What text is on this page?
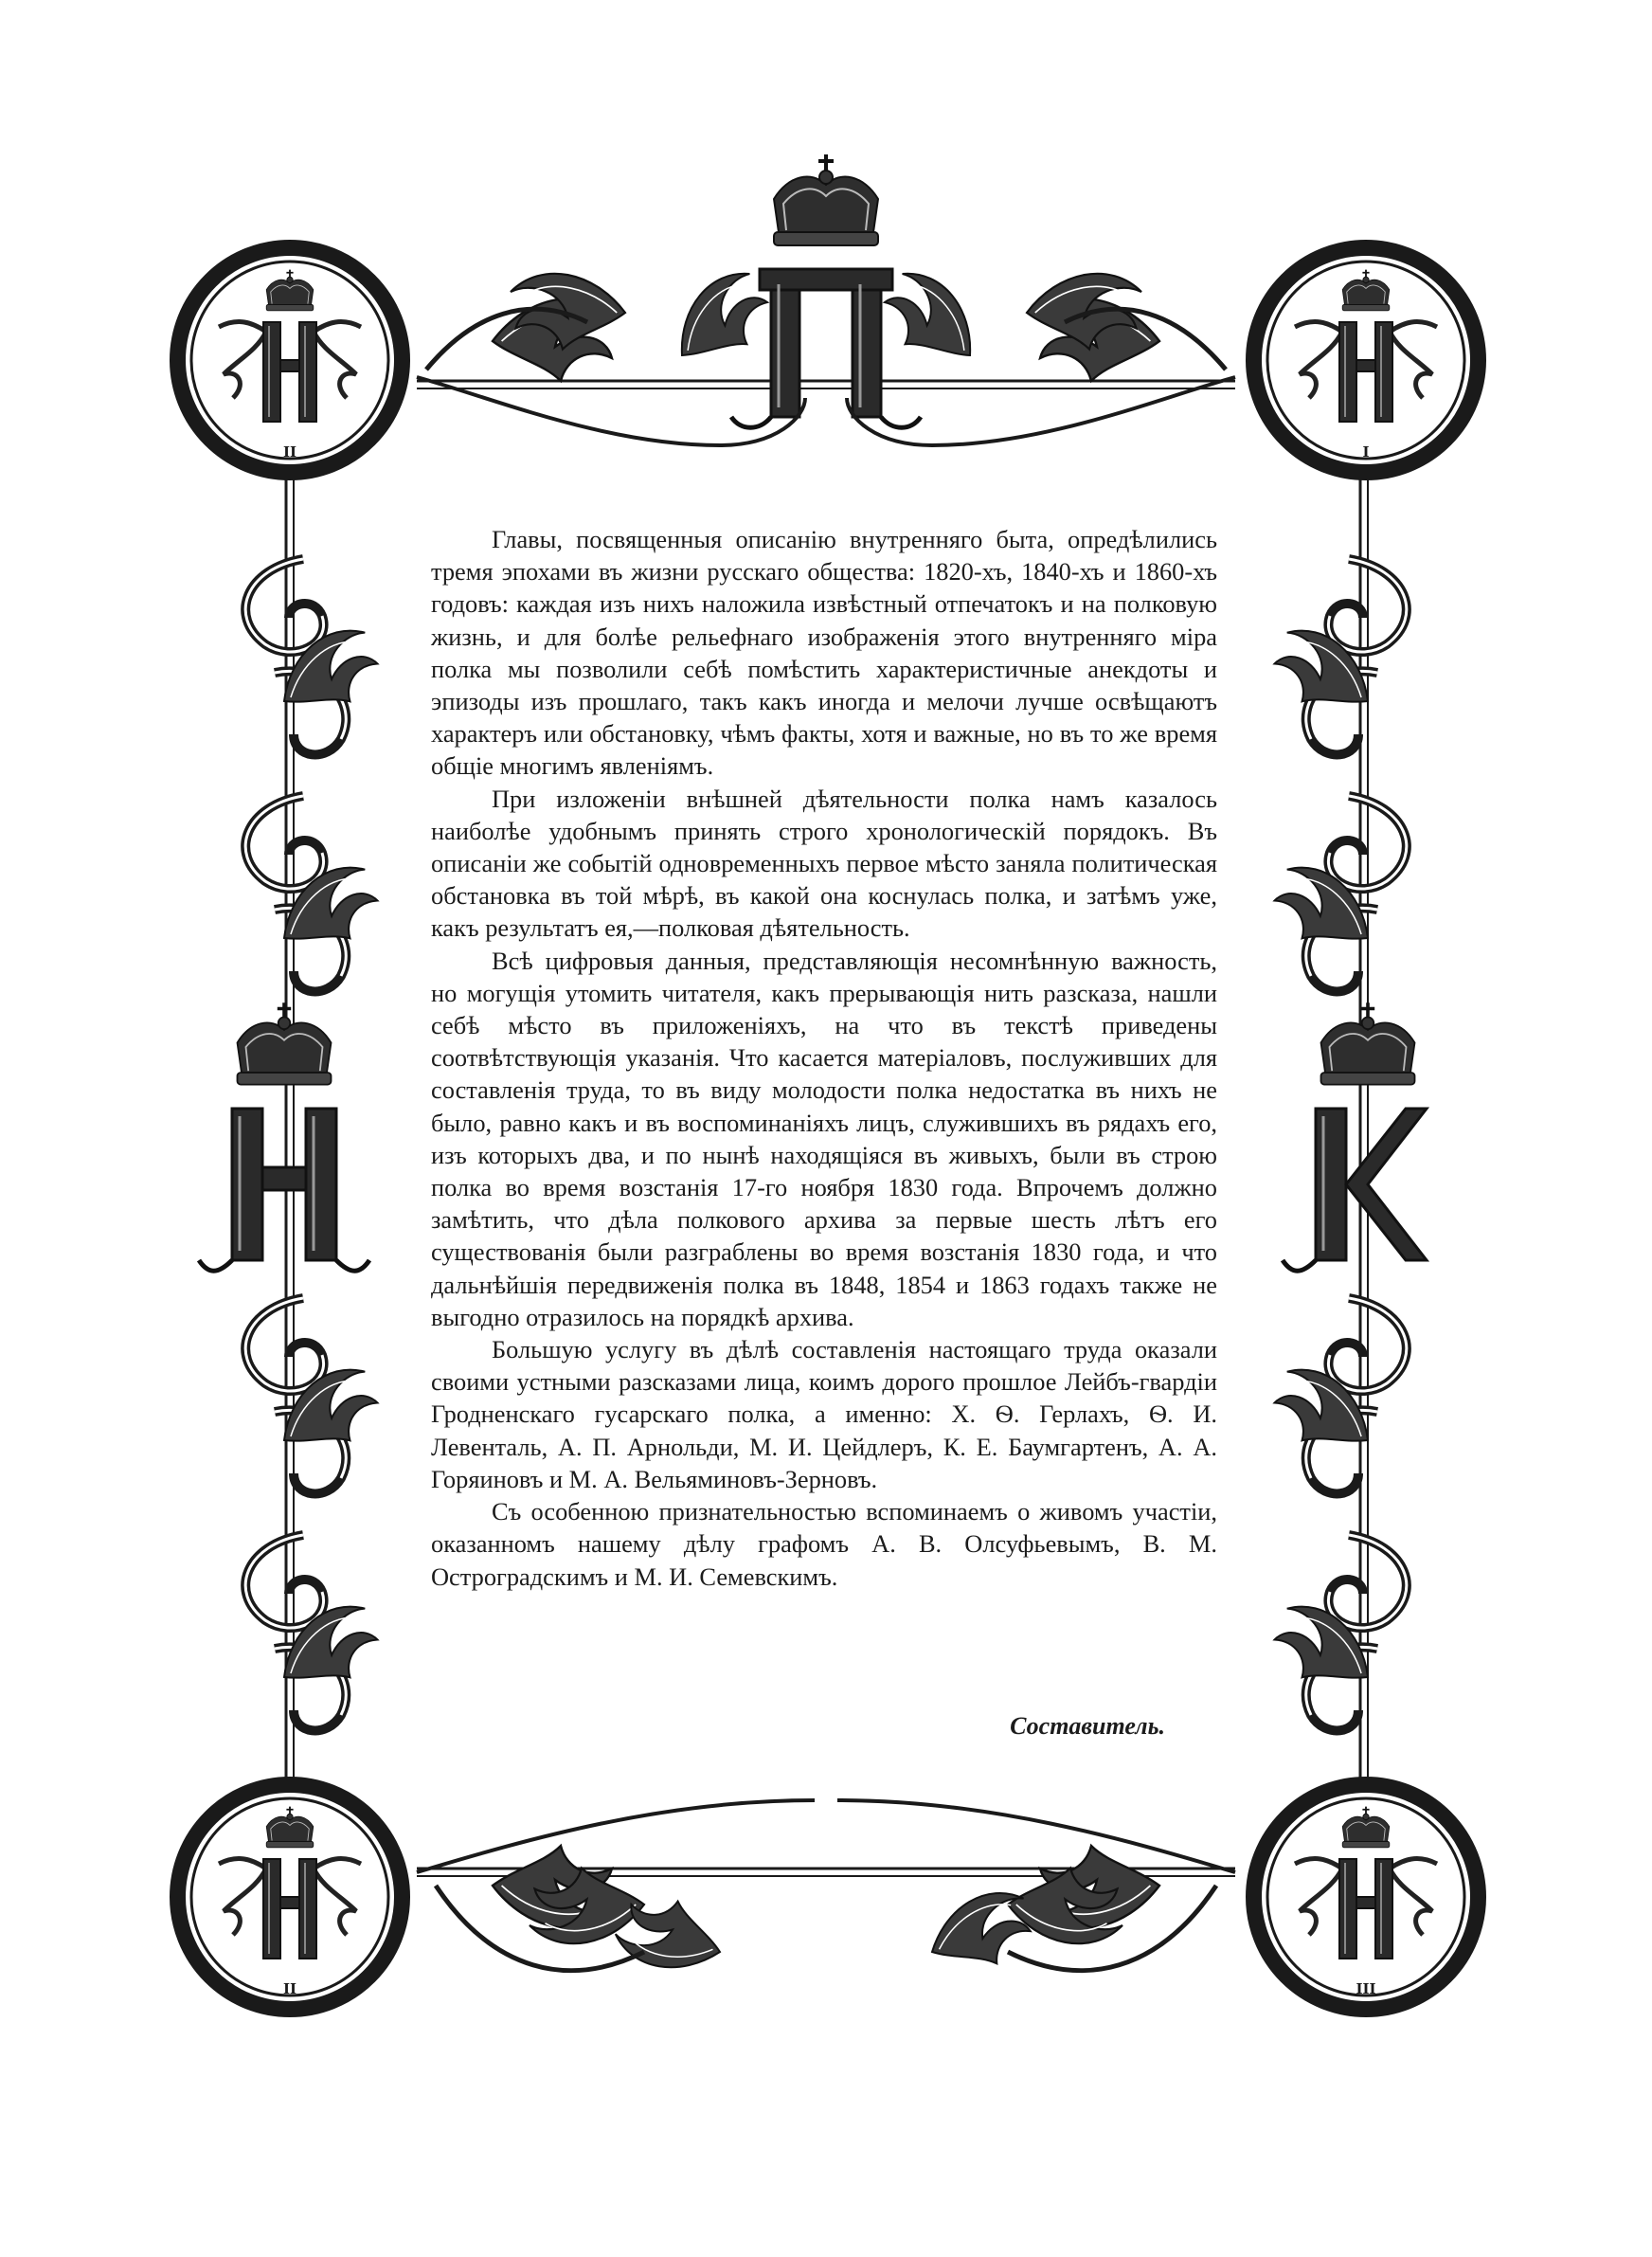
II	I
II	III

Главы, посвященныя описанiю внутренняго быта, опредѣлились тремя эпохами въ жизни русскаго общества: 1820-хъ, 1840-хъ и 1860-хъ годовъ: каждая изъ нихъ наложила извѣстный отпечатокъ и на полковую жизнь, и для болѣе рельефнаго изображенiя этого внутренняго мiра полка мы позволили себѣ помѣстить характеристичные анекдоты и эпизоды изъ прошлаго, такъ какъ иногда и мелочи лучше освѣщаютъ характеръ или обстановку, чѣмъ факты, хотя и важные, но въ то же время общiе многимъ явленiямъ.

При изложенiи внѣшней дѣятельности полка намъ казалось наиболѣе удобнымъ принять строго хронологическiй порядокъ. Въ описанiи же событiй одновременныхъ первое мѣсто заняла политическая обстановка въ той мѣрѣ, въ какой она коснулась полка, и затѣмъ уже, какъ результатъ ея,—полковая дѣятельность.

Всѣ цифровыя данныя, представляющiя несомнѣнную важность, но могущiя утомить читателя, какъ прерывающiя нить разсказа, нашли себѣ мѣсто въ приложенiяхъ, на что въ текстѣ приведены соотвѣтствующiя указанiя. Что касается матерiаловъ, послуживших для составленiя труда, то въ виду молодости полка недостатка въ нихъ не было, равно какъ и въ воспоминанiяхъ лицъ, служившихъ въ рядахъ его, изъ которыхъ два, и по нынѣ находящiяся въ живыхъ, были въ строю полка во время возстанiя 17-го ноября 1830 года. Впрочемъ должно замѣтить, что дѣла полкового архива за первые шесть лѣтъ его существованiя были разграблены во время возстанiя 1830 года, и что дальнѣйшiя передвиженiя полка въ 1848, 1854 и 1863 годахъ также не выгодно отразилось на порядкѣ архива.

Большую услугу въ дѣлѣ составленiя настоящаго труда оказали своими устными разсказами лица, коимъ дорого прошлое Лейбъ-гвардiи Гродненскаго гусарскаго полка, а именно: Х. Ѳ. Герлахъ, Ѳ. И. Левенталь, А. П. Арнольди, М. И. Цейдлеръ, К. Е. Баумгартенъ, А. А. Горяиновъ и М. А. Вельяминовъ-Зерновъ.

Съ особенною признательностью вспоминаемъ о живомъ участiи, оказанномъ нашему дѣлу графомъ А. В. Олсуфьевымъ, В. М. Остроградскимъ и М. И. Семевскимъ.

Составитель.
